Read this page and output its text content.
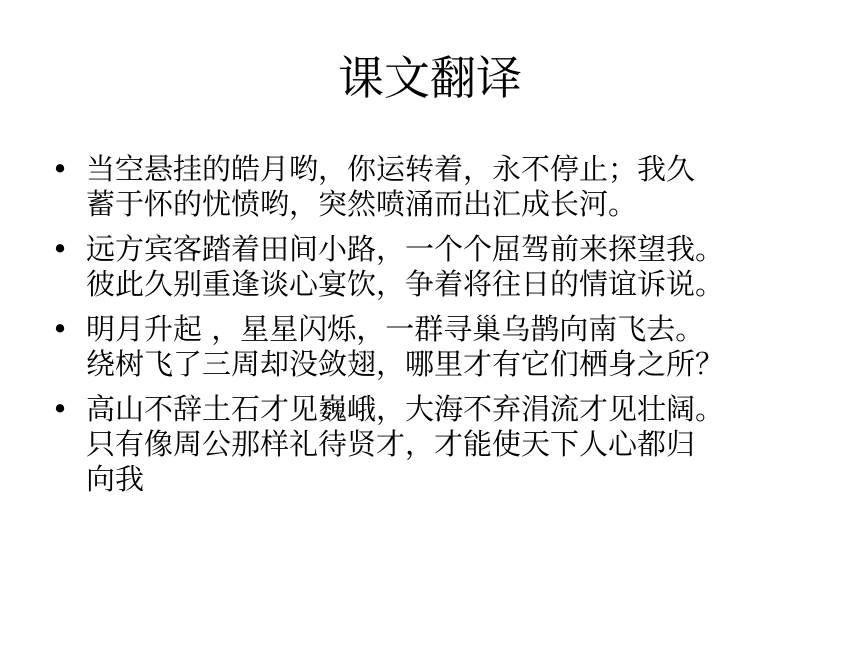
课文翻译
• 当空悬挂的皓月哟，你运转着，永不停止；我久
蓄于怀的忧愤哟，突然喷涌而出汇成长河。
• 远方宾客踏着田间小路，一个个屈驾前来探望我。
彼此久别重逢谈心宴饮，争着将往日的情谊诉说。
• 明月升起 ，星星闪烁，一群寻巢乌鹊向南飞去。
绕树飞了三周却没敛翅，哪里才有它们栖身之所？
• 高山不辞土石才见巍峨，大海不弃涓流才见壮阔。
只有像周公那样礼待贤才，才能使天下人心都归
向我
